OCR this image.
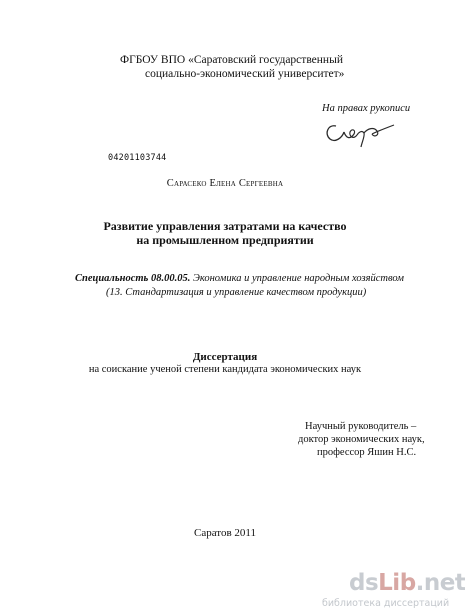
ФГБОУ ВПО «Саратовский государственный
социально-экономический университет»
На правах рукописи
04201103744
Сарасеко Елена Сергеевна
Развитие управления затратами на качество
на промышленном предприятии
Специальность 08.00.05. Экономика и управление народным хозяйством
(13. Стандартизация и управление качеством продукции)
Диссертация
на соискание ученой степени кандидата экономических наук
Научный руководитель –
доктор экономических наук,
профессор Яшин Н.С.
Саратов 2011
dsLib.net
библиотека диссертаций
